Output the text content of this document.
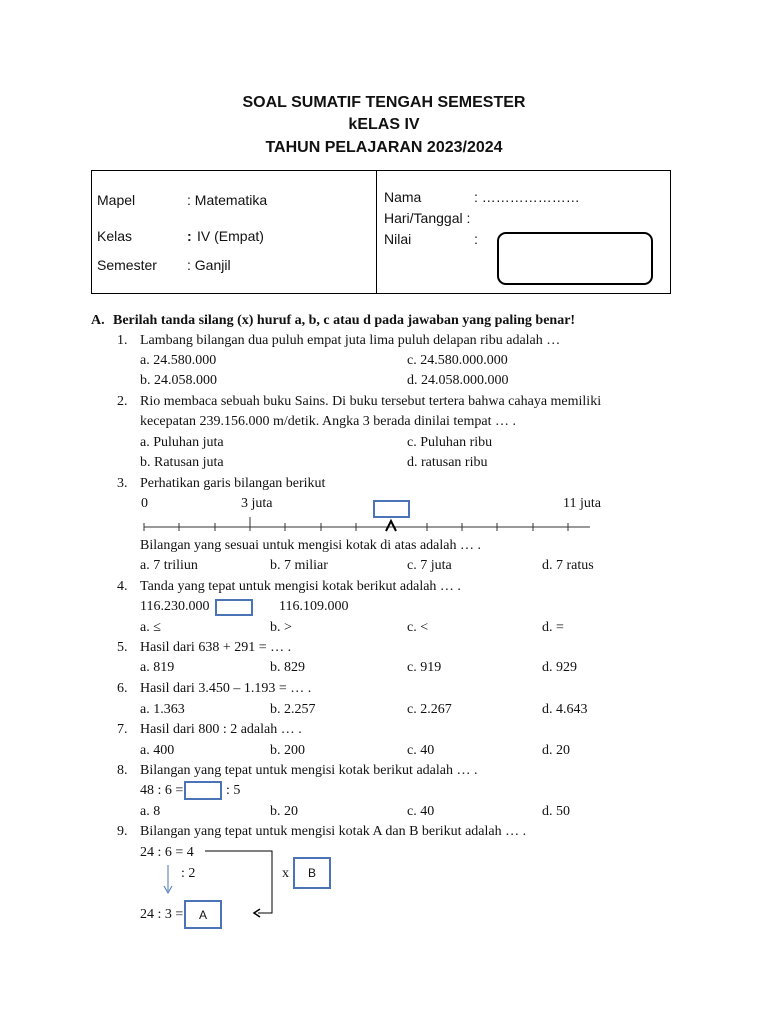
SOAL SUMATIF TENGAH SEMESTER
kELAS IV
TAHUN PELAJARAN 2023/2024
Mapel	: Matematika
Kelas	: IV (Empat)
Semester : Ganjil
Nama	: …………………
Hari/Tanggal :
Nilai	:
A. Berilah tanda silang (x) huruf a, b, c atau d pada jawaban yang paling benar!
1. Lambang bilangan dua puluh empat juta lima puluh delapan ribu adalah …
a. 24.580.000	c. 24.580.000.000
b. 24.058.000	d. 24.058.000.000
2. Rio membaca sebuah buku Sains. Di buku tersebut tertera bahwa cahaya memiliki
kecepatan 239.156.000 m/detik. Angka 3 berada dinilai tempat … .
a. Puluhan juta	c. Puluhan ribu
b. Ratusan juta	d. ratusan ribu
3. Perhatikan garis bilangan berikut
0	3 juta	11 juta
Bilangan yang sesuai untuk mengisi kotak di atas adalah … .
a. 7 triliun	b. 7 miliar	c. 7 juta	d. 7 ratus
4. Tanda yang tepat untuk mengisi kotak berikut adalah … .
116.230.000	116.109.000
a. ≤	b. >	c. <	d. =
5. Hasil dari 638 + 291 = … .
a. 819	b. 829	c. 919	d. 929
6. Hasil dari 3.450 – 1.193 = … .
a. 1.363	b. 2.257	c. 2.267	d. 4.643
7. Hasil dari 800 : 2 adalah … .
a. 400	b. 200	c. 40	d. 20
8. Bilangan yang tepat untuk mengisi kotak berikut adalah … .
48 : 6 =	: 5
a. 8	b. 20	c. 40	d. 50
9. Bilangan yang tepat untuk mengisi kotak A dan B berikut adalah … .
24 : 6 = 4
: 2	x	B
24 : 3 =	A
